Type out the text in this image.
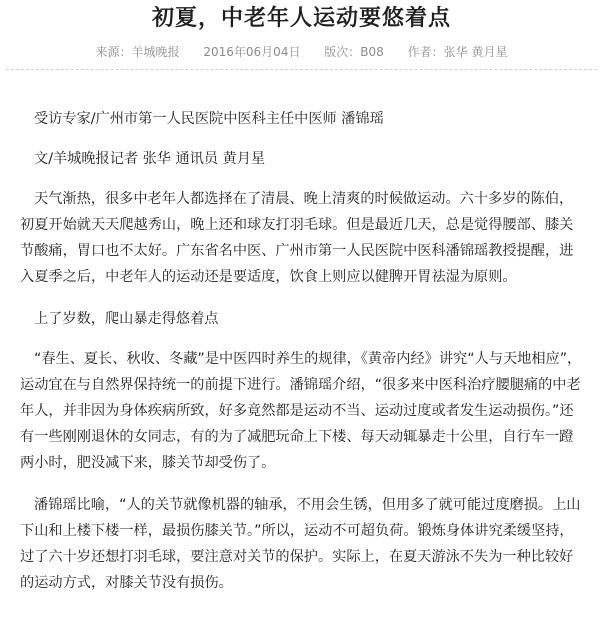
初夏，中老年人运动要悠着点
来源：羊城晚报 2016年06月04日 版次：B08 作者：张华 黄月星

受访专家/广州市第一人民医院中医科主任中医师 潘锦瑶

文/羊城晚报记者 张华 通讯员 黄月星

天气渐热，很多中老年人都选择在了清晨、晚上清爽的时候做运动。六十多岁的陈伯，初夏开始就天天爬越秀山，晚上还和球友打羽毛球。但是最近几天，总是觉得腰部、膝关节酸痛，胃口也不太好。广东省名中医、广州市第一人民医院中医科潘锦瑶教授提醒，进入夏季之后，中老年人的运动还是要适度，饮食上则应以健脾开胃祛湿为原则。

上了岁数，爬山暴走得悠着点

“春生、夏长、秋收、冬藏”是中医四时养生的规律，《黄帝内经》讲究“人与天地相应”，运动宜在与自然界保持统一的前提下进行。潘锦瑶介绍，“很多来中医科治疗腰腿痛的中老年人，并非因为身体疾病所致，好多竟然都是运动不当、运动过度或者发生运动损伤。”还有一些刚刚退休的女同志，有的为了减肥玩命上下楼、每天动辄暴走十公里，自行车一蹬两小时，肥没减下来，膝关节却受伤了。

潘锦瑶比喻，“人的关节就像机器的轴承，不用会生锈，但用多了就可能过度磨损。上山下山和上楼下楼一样，最损伤膝关节。”所以，运动不可超负荷。锻炼身体讲究柔缓坚持，过了六十岁还想打羽毛球，要注意对关节的保护。实际上，在夏天游泳不失为一种比较好的运动方式，对膝关节没有损伤。
